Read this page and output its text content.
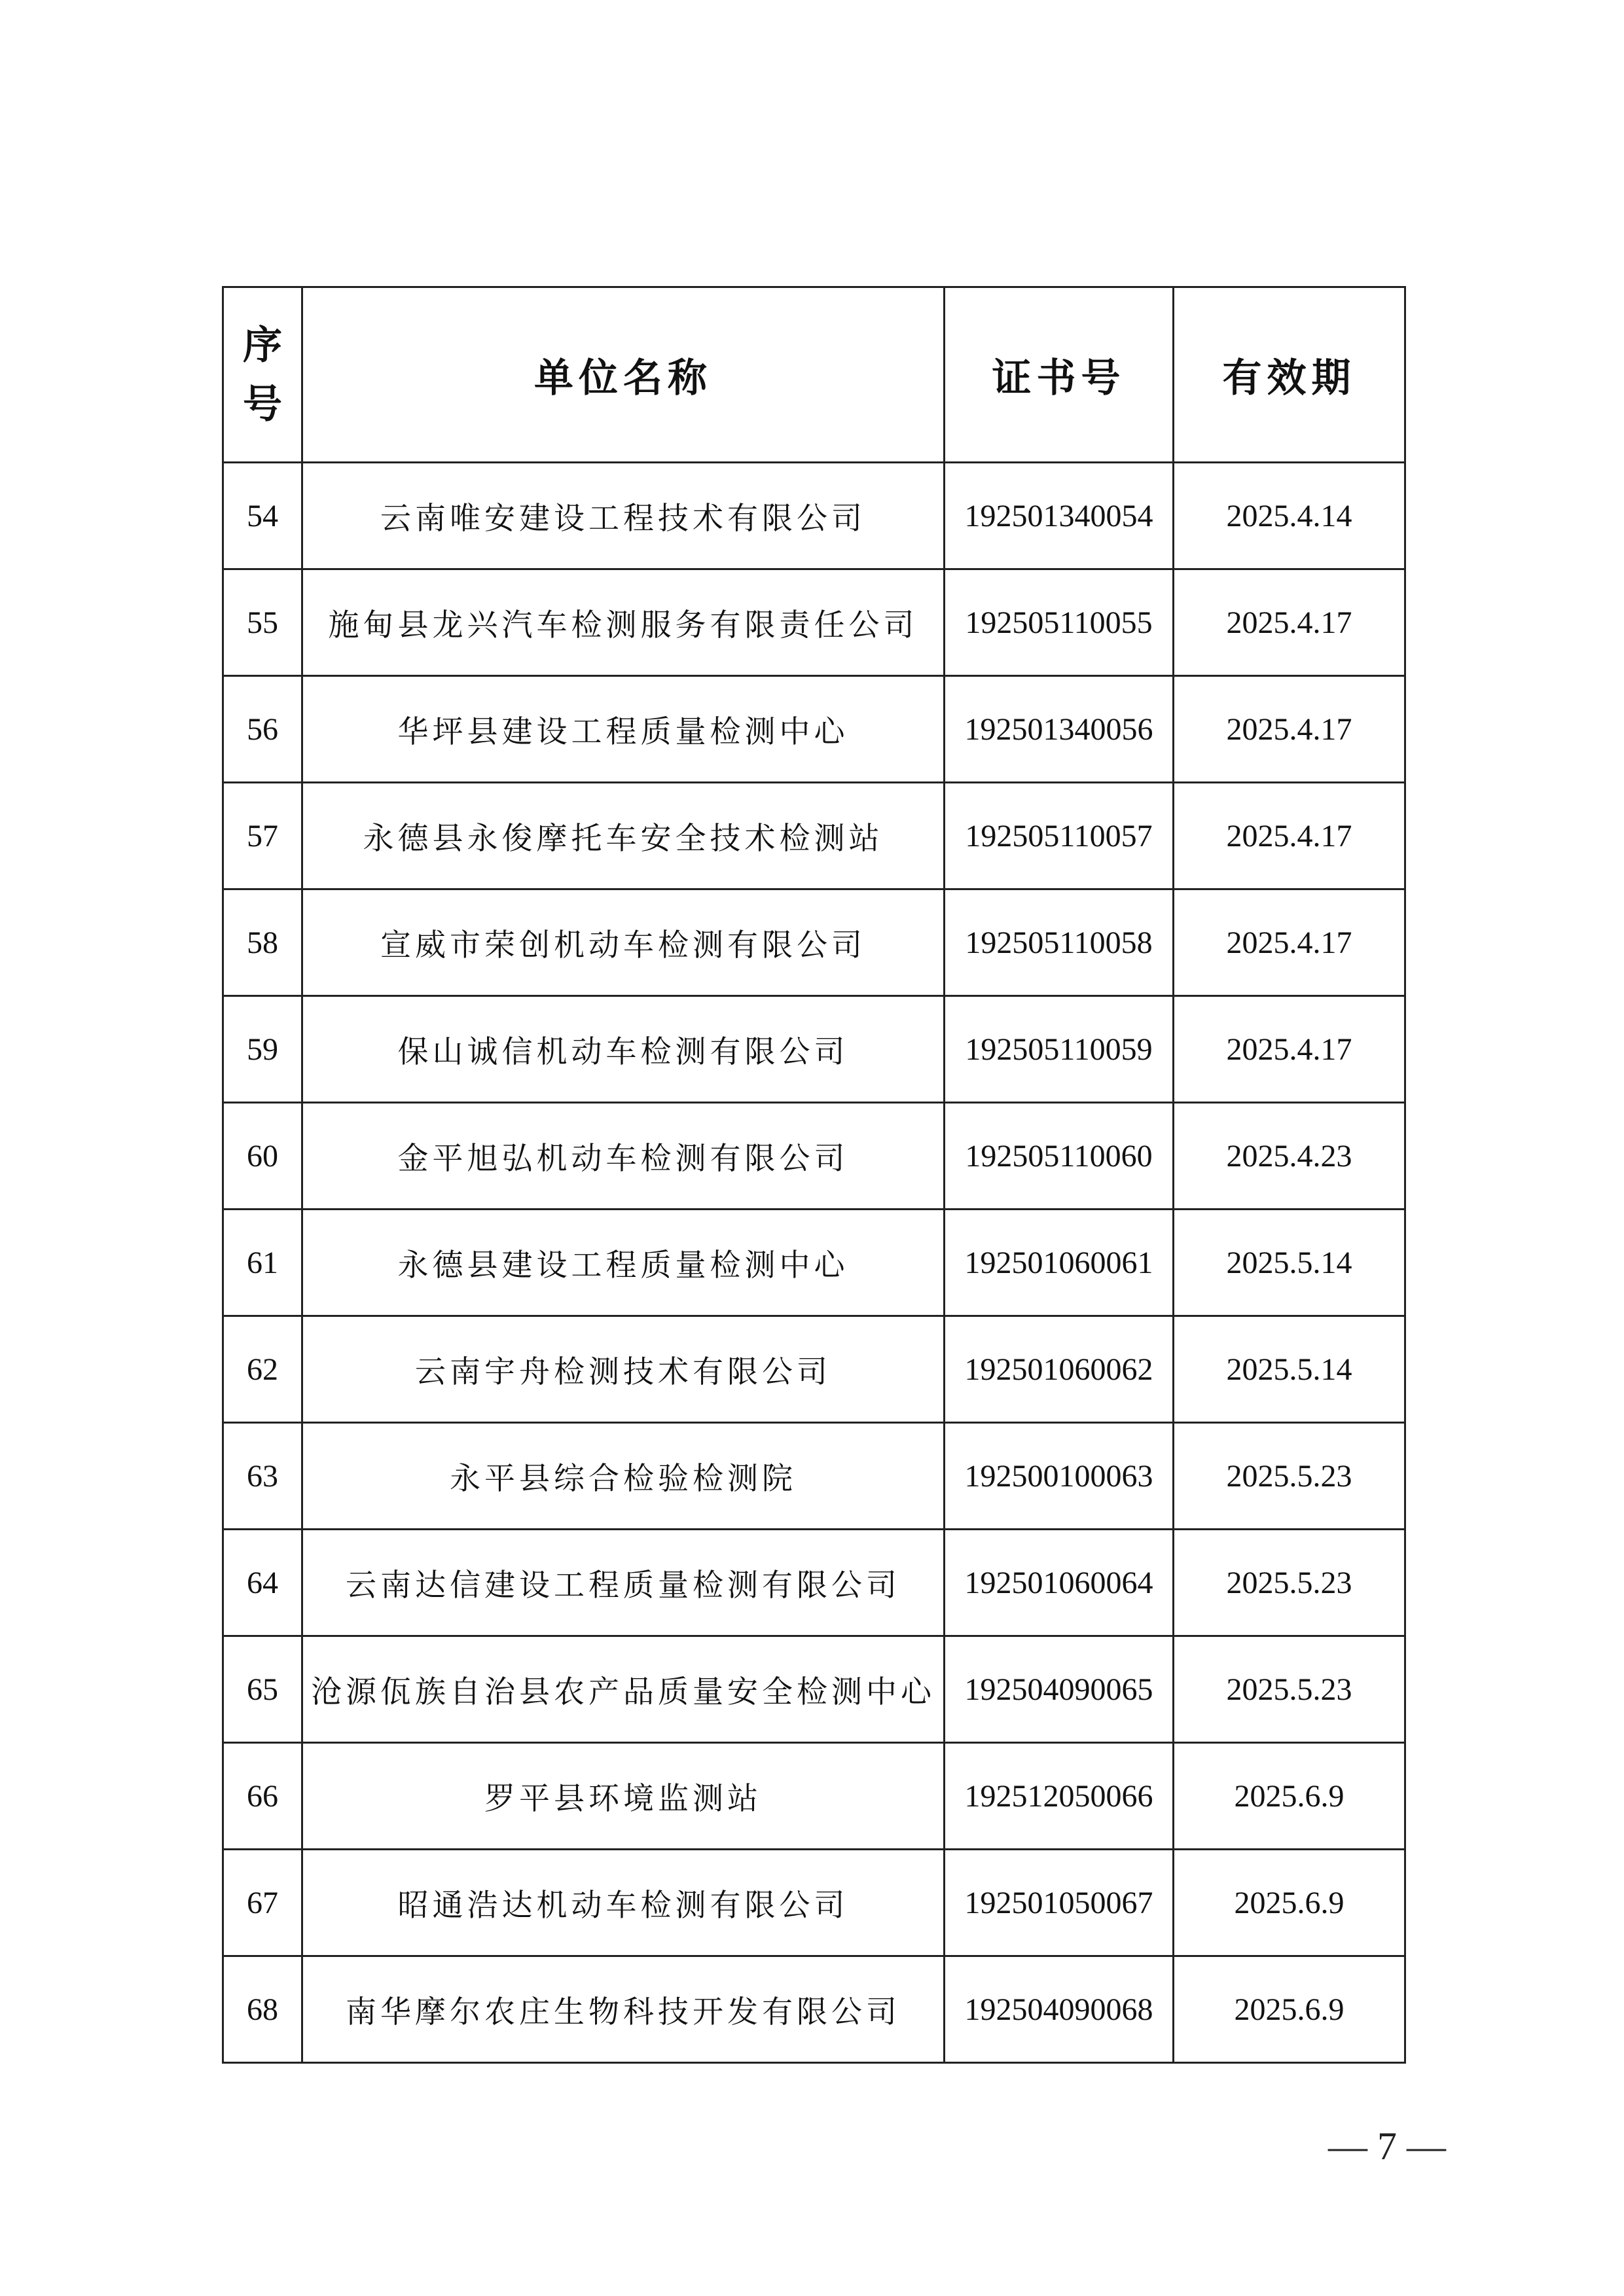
序
号	单位名称	证书号	有效期
54	云南唯安建设工程技术有限公司	192501340054	2025.4.14
55	施甸县龙兴汽车检测服务有限责任公司	192505110055	2025.4.17
56	华坪县建设工程质量检测中心	192501340056	2025.4.17
57	永德县永俊摩托车安全技术检测站	192505110057	2025.4.17
58	宣威市荣创机动车检测有限公司	192505110058	2025.4.17
59	保山诚信机动车检测有限公司	192505110059	2025.4.17
60	金平旭弘机动车检测有限公司	192505110060	2025.4.23
61	永德县建设工程质量检测中心	192501060061	2025.5.14
62	云南宇舟检测技术有限公司	192501060062	2025.5.14
63	永平县综合检验检测院	192500100063	2025.5.23
64	云南达信建设工程质量检测有限公司	192501060064	2025.5.23
65	沧源佤族自治县农产品质量安全检测中心	192504090065	2025.5.23
66	罗平县环境监测站	192512050066	2025.6.9
67	昭通浩达机动车检测有限公司	192501050067	2025.6.9
68	南华摩尔农庄生物科技开发有限公司	192504090068	2025.6.9
— 7 —
